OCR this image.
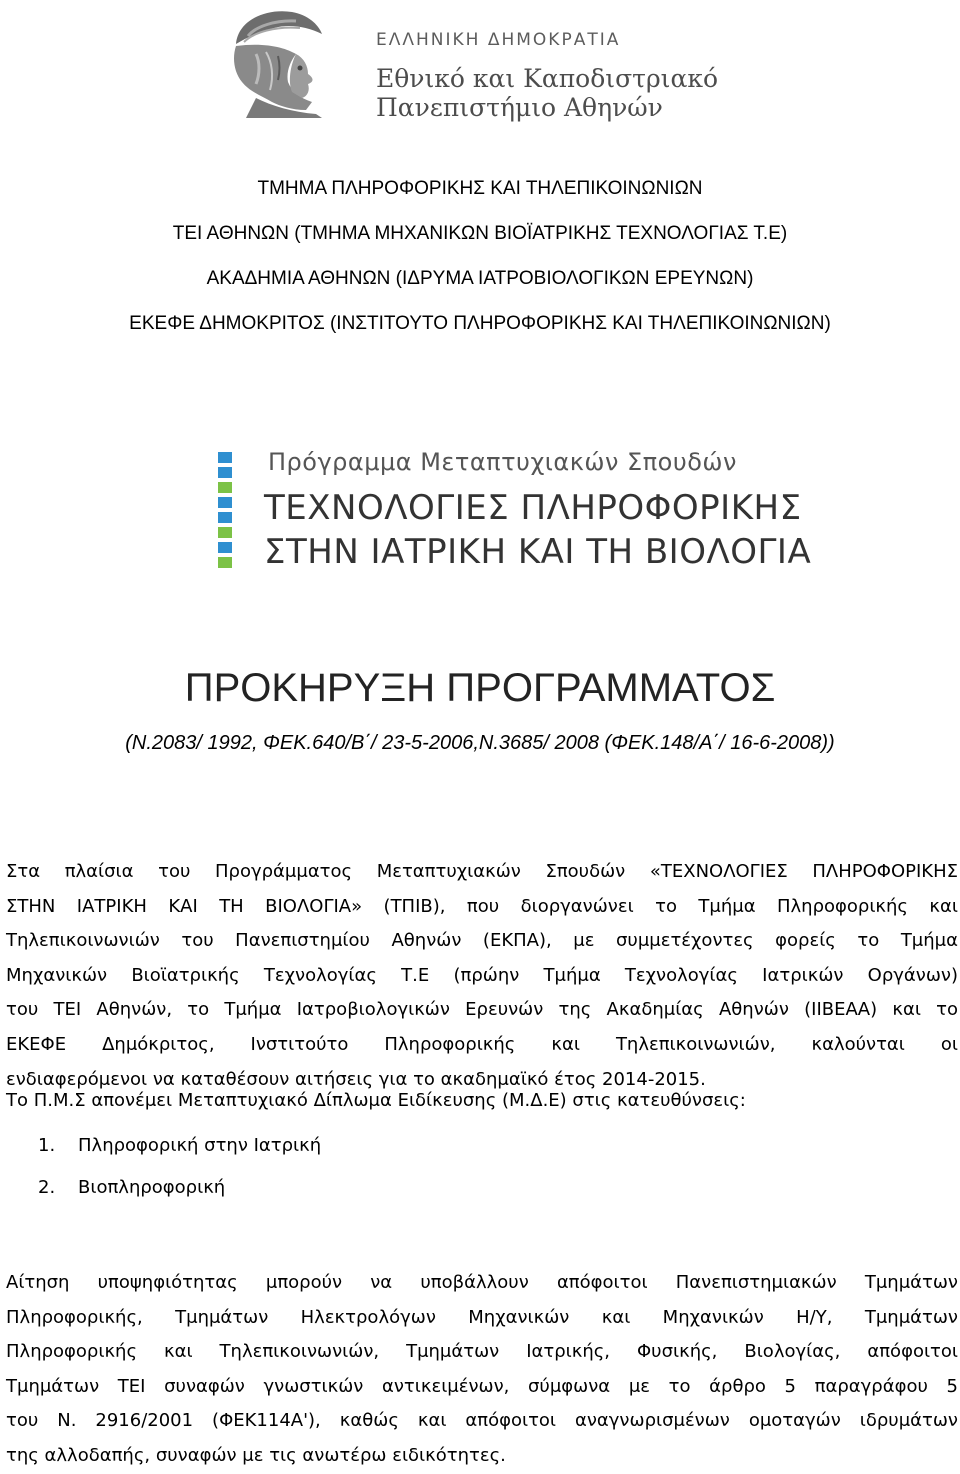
ΕΛΛΗΝΙΚΗ ΔΗΜΟΚΡΑΤΙΑ
Εθνικό και Καποδιστριακό
Πανεπιστήμιο Αθηνών
ΤΜΗΜΑ ΠΛΗΡΟΦΟΡΙΚΗΣ ΚΑΙ ΤΗΛΕΠΙΚΟΙΝΩΝΙΩΝ
ΤΕΙ ΑΘΗΝΩΝ (ΤΜΗΜΑ ΜΗΧΑΝΙΚΩΝ ΒΙΟΪΑΤΡΙΚΗΣ ΤΕΧΝΟΛΟΓΙΑΣ Τ.Ε)
ΑΚΑΔΗΜΙΑ ΑΘΗΝΩΝ (ΙΔΡΥΜΑ ΙΑΤΡΟΒΙΟΛΟΓΙΚΩΝ ΕΡΕΥΝΩΝ)
ΕΚΕΦΕ ΔΗΜΟΚΡΙΤΟΣ (ΙΝΣΤΙΤΟΥΤΟ ΠΛΗΡΟΦΟΡΙΚΗΣ ΚΑΙ ΤΗΛΕΠΙΚΟΙΝΩΝΙΩΝ)
Πρόγραμμα Μεταπτυχιακών Σπουδών
ΤΕΧΝΟΛΟΓΙΕΣ ΠΛΗΡΟΦΟΡΙΚΗΣ
ΣΤΗΝ ΙΑΤΡΙΚΗ ΚΑΙ ΤΗ ΒΙΟΛΟΓΙΑ
ΠΡΟΚΗΡΥΞΗ ΠΡΟΓΡΑΜΜΑΤΟΣ
(Ν.2083/ 1992, ΦΕΚ.640/Β΄/ 23-5-2006,Ν.3685/ 2008 (ΦΕΚ.148/Α΄/ 16-6-2008))
Στα πλαίσια του Προγράμματος Μεταπτυχιακών Σπουδών «ΤΕΧΝΟΛΟΓΙΕΣ ΠΛΗΡΟΦΟΡΙΚΗΣ
ΣΤΗΝ ΙΑΤΡΙΚΗ ΚΑΙ ΤΗ ΒΙΟΛΟΓΙΑ» (ΤΠΙΒ), που διοργανώνει το Τμήμα Πληροφορικής και
Τηλεπικοινωνιών του Πανεπιστημίου Αθηνών (ΕΚΠΑ), με συμμετέχοντες φορείς το Τμήμα
Μηχανικών Βιοϊατρικής Τεχνολογίας Τ.Ε (πρώην Τμήμα Τεχνολογίας Ιατρικών Οργάνων)
του ΤΕΙ Αθηνών, το Τμήμα Ιατροβιολογικών Ερευνών της Ακαδημίας Αθηνών (ΙΙΒΕΑΑ) και το
ΕΚΕΦΕ Δημόκριτος, Ινστιτούτο Πληροφορικής και Τηλεπικοινωνιών, καλούνται οι
ενδιαφερόμενοι να καταθέσουν αιτήσεις για το ακαδημαϊκό έτος 2014-2015.
Το Π.Μ.Σ απονέμει Μεταπτυχιακό Δίπλωμα Ειδίκευσης (Μ.Δ.Ε) στις κατευθύνσεις:
1. Πληροφορική στην Ιατρική
2. Βιοπληροφορική
Αίτηση υποψηφιότητας μπορούν να υποβάλλουν απόφοιτοι Πανεπιστημιακών Τμημάτων
Πληροφορικής, Τμημάτων Ηλεκτρολόγων Μηχανικών και Μηχανικών Η/Υ, Τμημάτων
Πληροφορικής και Τηλεπικοινωνιών, Τμημάτων Ιατρικής, Φυσικής, Βιολογίας, απόφοιτοι
Τμημάτων ΤΕΙ συναφών γνωστικών αντικειμένων, σύμφωνα με το άρθρο 5 παραγράφου 5
του Ν. 2916/2001 (ΦΕΚ114Α'), καθώς και απόφοιτοι αναγνωρισμένων ομοταγών ιδρυμάτων
της αλλοδαπής, συναφών με τις ανωτέρω ειδικότητες.
